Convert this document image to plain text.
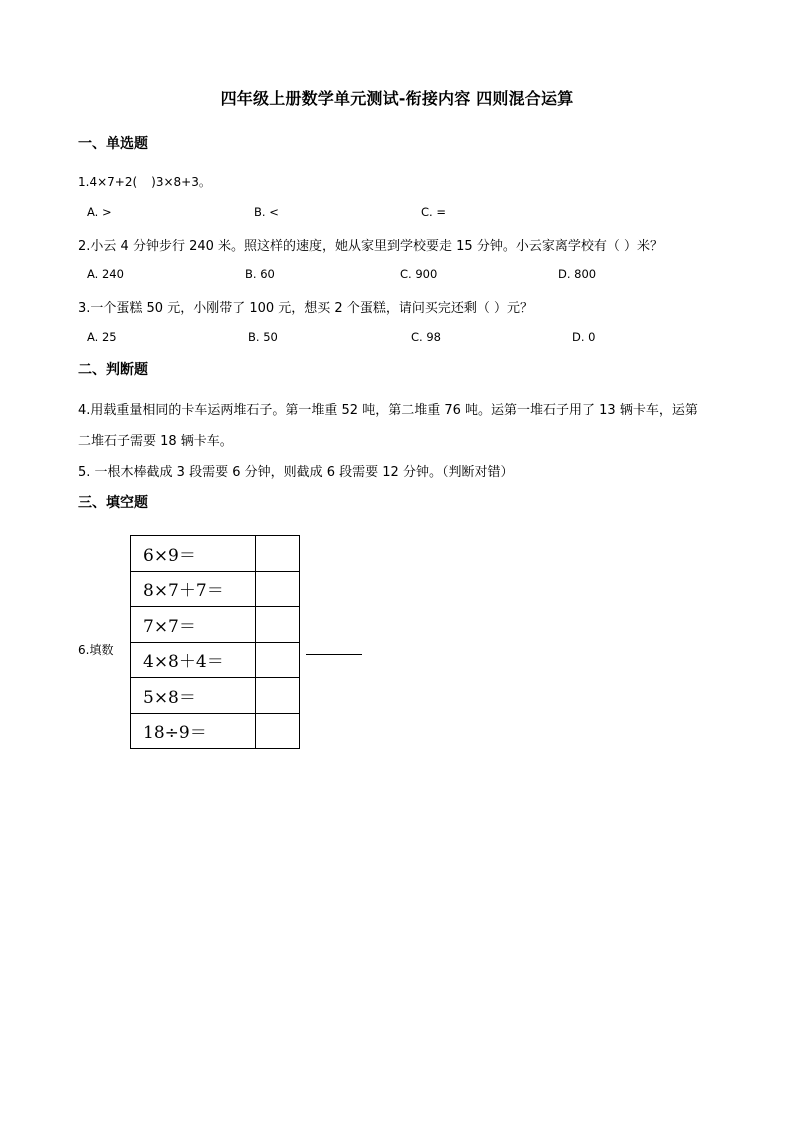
四年级上册数学单元测试-衔接内容 四则混合运算
一、单选题
1.4×7+2( )3×8+3。
A. >	B. <	C. =
2.小云 4 分钟步行 240 米。照这样的速度，她从家里到学校要走 15 分钟。小云家离学校有（ ）米？
A. 240	B. 60	C. 900	D. 800
3.一个蛋糕 50 元，小刚带了 100 元，想买 2 个蛋糕，请问买完还剩（ ）元？
A. 25	B. 50	C. 98	D. 0
二、判断题
4.用载重量相同的卡车运两堆石子。第一堆重 52 吨，第二堆重 76 吨。运第一堆石子用了 13 辆卡车，运第
二堆石子需要 18 辆卡车。
5. 一根木棒截成 3 段需要 6 分钟，则截成 6 段需要 12 分钟。（判断对错）
三、填空题
6.填数
6×9＝	
8×7＋7＝	
7×7＝	
4×8＋4＝	
5×8＝	
18÷9＝	
